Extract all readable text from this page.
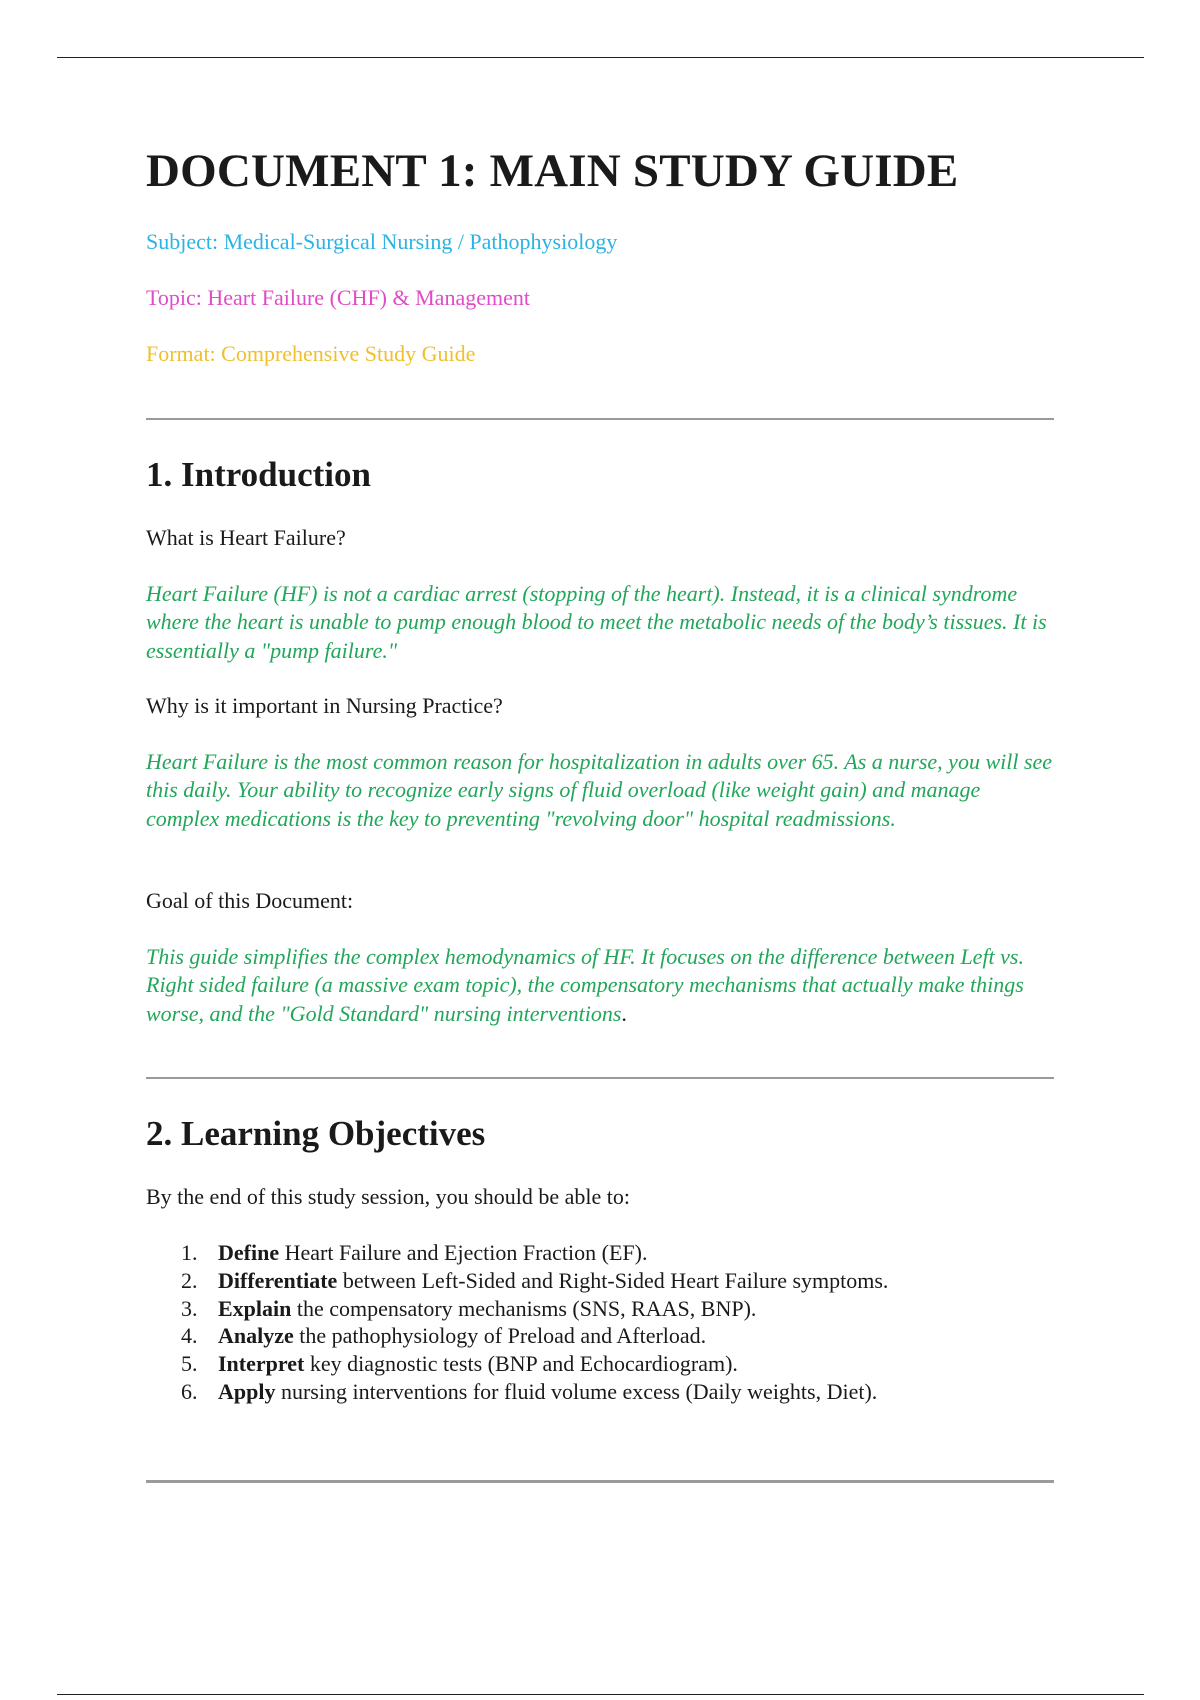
DOCUMENT 1: MAIN STUDY GUIDE

Subject: Medical-Surgical Nursing / Pathophysiology

Topic: Heart Failure (CHF) & Management

Format: Comprehensive Study Guide

1. Introduction

What is Heart Failure?

Heart Failure (HF) is not a cardiac arrest (stopping of the heart). Instead, it is a clinical syndrome where the heart is unable to pump enough blood to meet the metabolic needs of the body’s tissues. It is essentially a "pump failure."

Why is it important in Nursing Practice?

Heart Failure is the most common reason for hospitalization in adults over 65. As a nurse, you will see this daily. Your ability to recognize early signs of fluid overload (like weight gain) and manage complex medications is the key to preventing "revolving door" hospital readmissions.

Goal of this Document:

This guide simplifies the complex hemodynamics of HF. It focuses on the difference between Left vs. Right sided failure (a massive exam topic), the compensatory mechanisms that actually make things worse, and the "Gold Standard" nursing interventions.

2. Learning Objectives

By the end of this study session, you should be able to:

1. Define Heart Failure and Ejection Fraction (EF).
2. Differentiate between Left-Sided and Right-Sided Heart Failure symptoms.
3. Explain the compensatory mechanisms (SNS, RAAS, BNP).
4. Analyze the pathophysiology of Preload and Afterload.
5. Interpret key diagnostic tests (BNP and Echocardiogram).
6. Apply nursing interventions for fluid volume excess (Daily weights, Diet).
